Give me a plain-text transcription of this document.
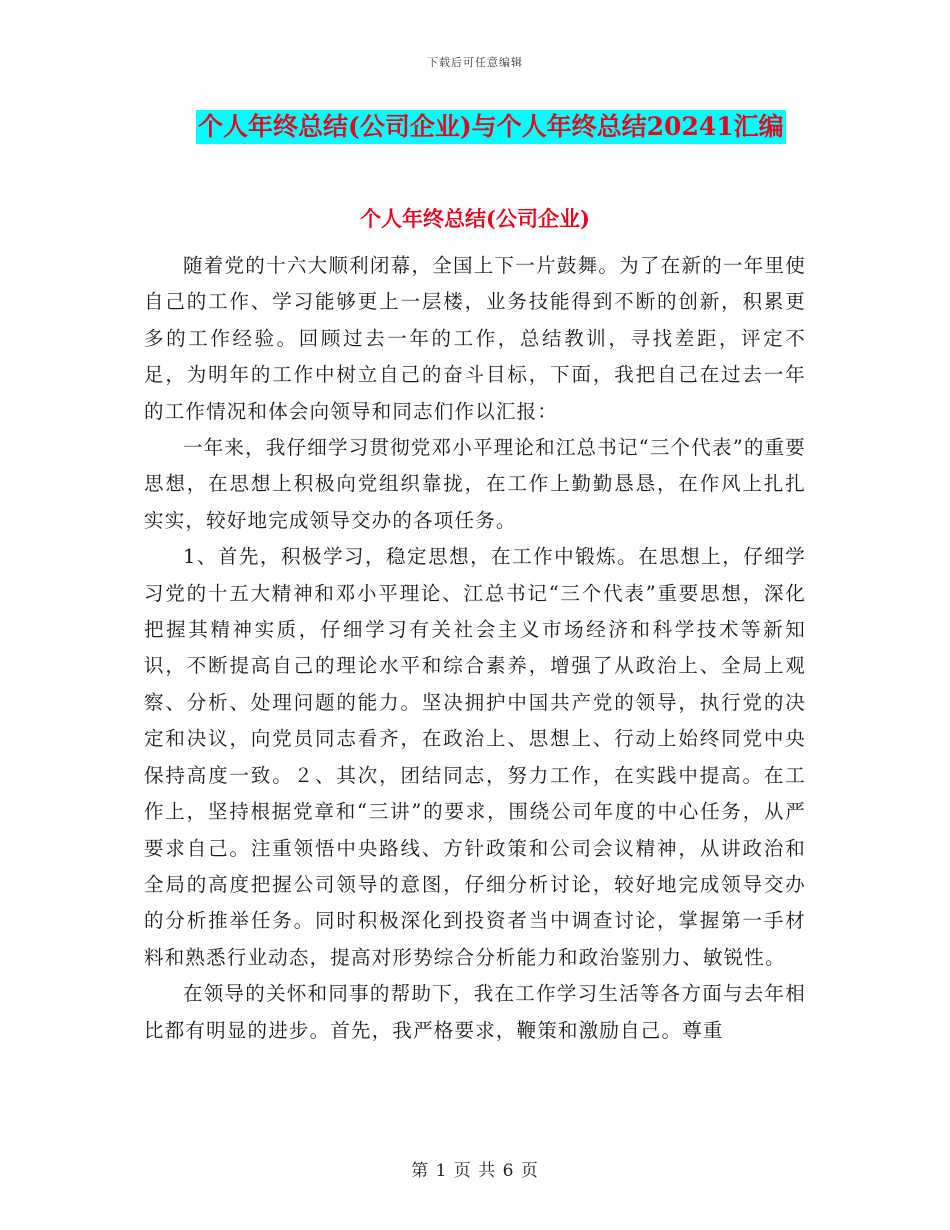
下载后可任意编辑
个人年终总结(公司企业)与个人年终总结20241汇编
个人年终总结(公司企业)

随着党的十六大顺利闭幕，全国上下一片鼓舞。为了在新的一年里使自己的工作、学习能够更上一层楼，业务技能得到不断的创新，积累更多的工作经验。回顾过去一年的工作，总结教训，寻找差距，评定不足，为明年的工作中树立自己的奋斗目标，下面，我把自己在过去一年的工作情况和体会向领导和同志们作以汇报：

一年来，我仔细学习贯彻党邓小平理论和江总书记“三个代表”的重要思想，在思想上积极向党组织靠拢，在工作上勤勤恳恳，在作风上扎扎实实，较好地完成领导交办的各项任务。

1、首先，积极学习，稳定思想，在工作中锻炼。在思想上，仔细学习党的十五大精神和邓小平理论、江总书记“三个代表”重要思想，深化把握其精神实质，仔细学习有关社会主义市场经济和科学技术等新知识，不断提高自己的理论水平和综合素养，增强了从政治上、全局上观察、分析、处理问题的能力。坚决拥护中国共产党的领导，执行党的决定和决议，向党员同志看齐，在政治上、思想上、行动上始终同党中央保持高度一致。２、其次，团结同志，努力工作，在实践中提高。在工作上，坚持根据党章和“三讲”的要求，围绕公司年度的中心任务，从严要求自己。注重领悟中央路线、方针政策和公司会议精神，从讲政治和全局的高度把握公司领导的意图，仔细分析讨论，较好地完成领导交办的分析推举任务。同时积极深化到投资者当中调查讨论，掌握第一手材料和熟悉行业动态，提高对形势综合分析能力和政治鉴别力、敏锐性。

在领导的关怀和同事的帮助下，我在工作学习生活等各方面与去年相比都有明显的进步。首先，我严格要求，鞭策和激励自己。尊重

第 1 页 共 6 页
